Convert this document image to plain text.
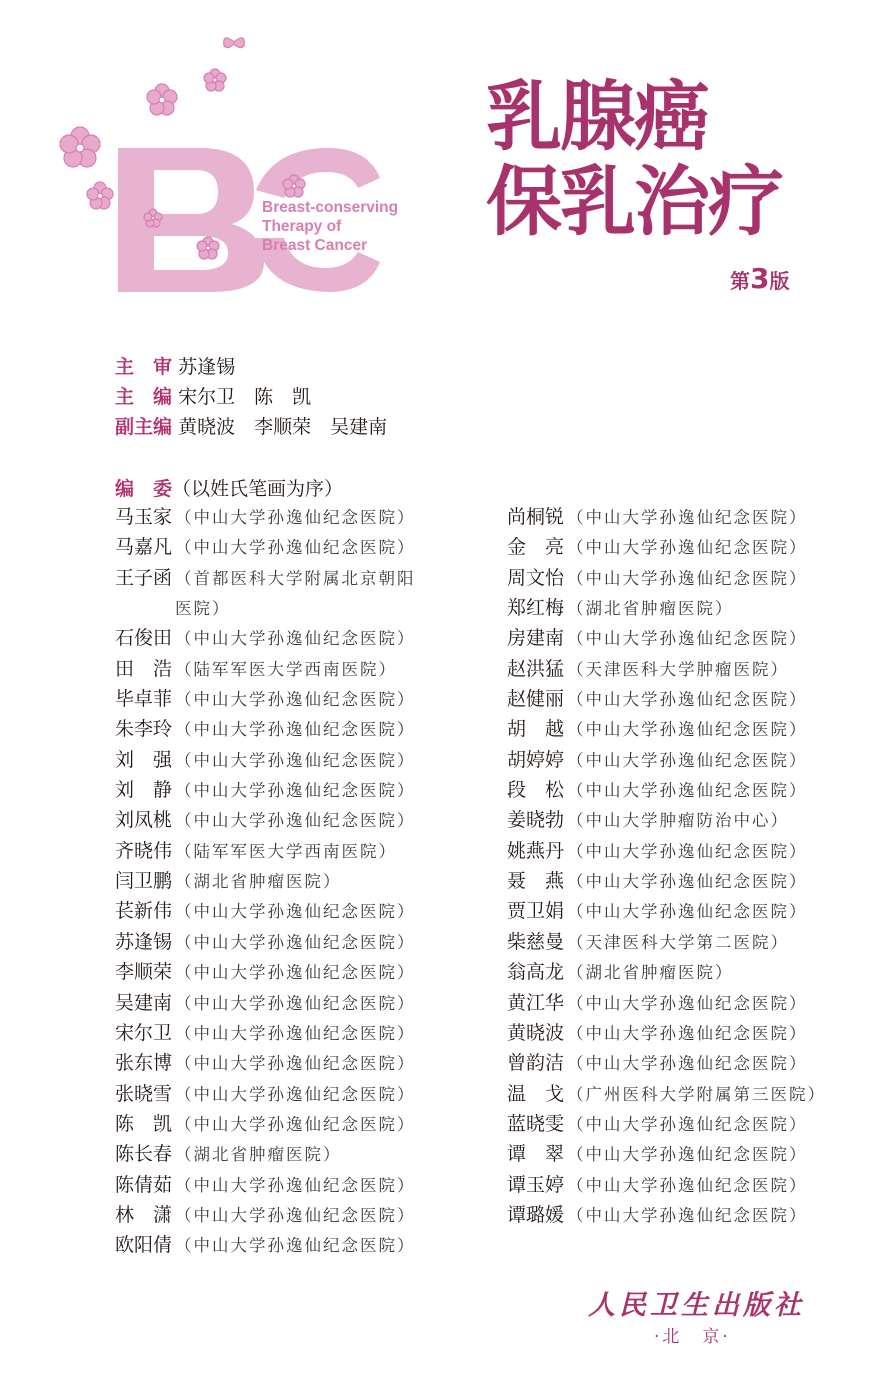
Breast-conserving
Therapy of
Breast Cancer
乳腺癌
保乳治疗
第3版
主　审 苏逢锡
主　编 宋尔卫　陈　凯
副主编 黄晓波　李顺荣　吴建南
编　委（以姓氏笔画为序）
马玉家 （中山大学孙逸仙纪念医院）
马嘉凡 （中山大学孙逸仙纪念医院）
王子函 （首都医科大学附属北京朝阳医院）
石俊田 （中山大学孙逸仙纪念医院）
田　浩 （陆军军医大学西南医院）
毕卓菲 （中山大学孙逸仙纪念医院）
朱李玲 （中山大学孙逸仙纪念医院）
刘　强 （中山大学孙逸仙纪念医院）
刘　静 （中山大学孙逸仙纪念医院）
刘凤桃 （中山大学孙逸仙纪念医院）
齐晓伟 （陆军军医大学西南医院）
闫卫鹏 （湖北省肿瘤医院）
苌新伟 （中山大学孙逸仙纪念医院）
苏逢锡 （中山大学孙逸仙纪念医院）
李顺荣 （中山大学孙逸仙纪念医院）
吴建南 （中山大学孙逸仙纪念医院）
宋尔卫 （中山大学孙逸仙纪念医院）
张东博 （中山大学孙逸仙纪念医院）
张晓雪 （中山大学孙逸仙纪念医院）
陈　凯 （中山大学孙逸仙纪念医院）
陈长春 （湖北省肿瘤医院）
陈倩茹 （中山大学孙逸仙纪念医院）
林　潇 （中山大学孙逸仙纪念医院）
欧阳倩 （中山大学孙逸仙纪念医院）
尚桐锐 （中山大学孙逸仙纪念医院）
金　亮 （中山大学孙逸仙纪念医院）
周文怡 （中山大学孙逸仙纪念医院）
郑红梅 （湖北省肿瘤医院）
房建南 （中山大学孙逸仙纪念医院）
赵洪猛 （天津医科大学肿瘤医院）
赵健丽 （中山大学孙逸仙纪念医院）
胡　越 （中山大学孙逸仙纪念医院）
胡婷婷 （中山大学孙逸仙纪念医院）
段　松 （中山大学孙逸仙纪念医院）
姜晓勃 （中山大学肿瘤防治中心）
姚燕丹 （中山大学孙逸仙纪念医院）
聂　燕 （中山大学孙逸仙纪念医院）
贾卫娟 （中山大学孙逸仙纪念医院）
柴慈曼 （天津医科大学第二医院）
翁高龙 （湖北省肿瘤医院）
黄江华 （中山大学孙逸仙纪念医院）
黄晓波 （中山大学孙逸仙纪念医院）
曾韵洁 （中山大学孙逸仙纪念医院）
温　戈 （广州医科大学附属第三医院）
蓝晓雯 （中山大学孙逸仙纪念医院）
谭　翠 （中山大学孙逸仙纪念医院）
谭玉婷 （中山大学孙逸仙纪念医院）
谭璐媛 （中山大学孙逸仙纪念医院）
人民卫生出版社
·北　京·
